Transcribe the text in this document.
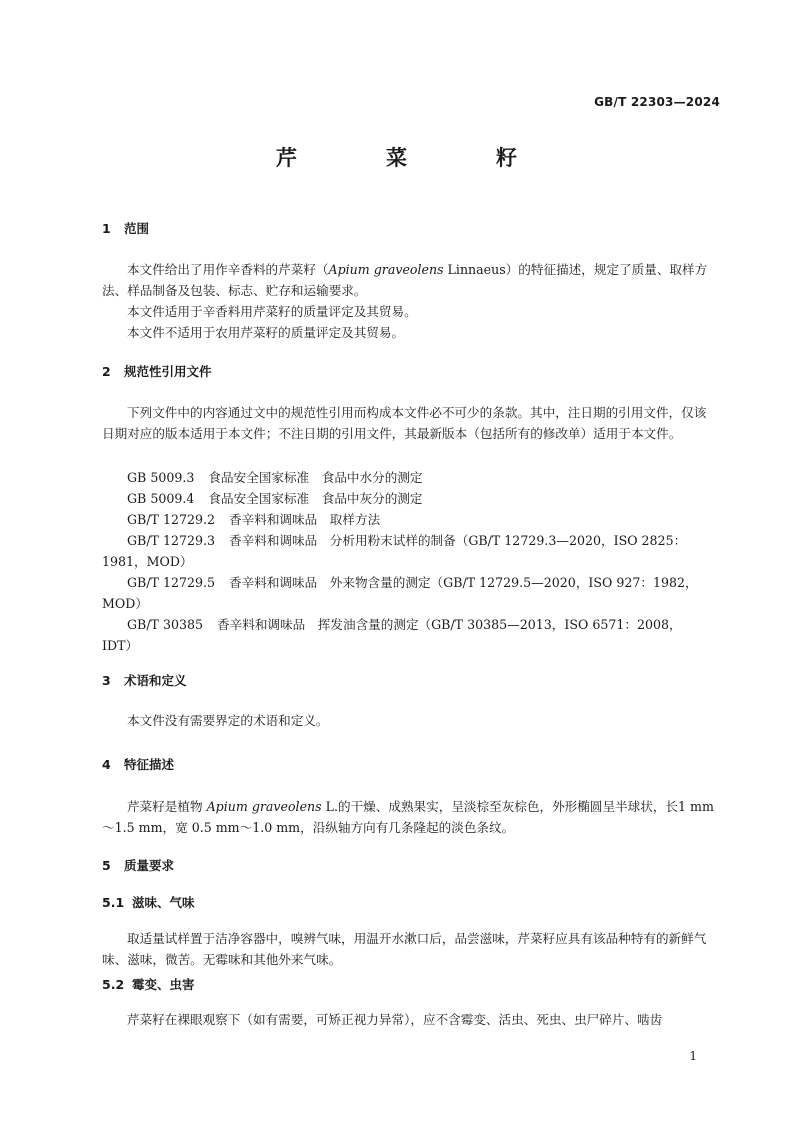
GB/T 22303—2024
芹　菜　籽
1 范围
本文件给出了用作辛香料的芹菜籽（Apium graveolens Linnaeus）的特征描述，规定了质量、取样方法、样品制备及包装、标志、贮存和运输要求。
本文件适用于辛香料用芹菜籽的质量评定及其贸易。
本文件不适用于农用芹菜籽的质量评定及其贸易。
2 规范性引用文件
下列文件中的内容通过文中的规范性引用而构成本文件必不可少的条款。其中，注日期的引用文件，仅该日期对应的版本适用于本文件；不注日期的引用文件，其最新版本（包括所有的修改单）适用于本文件。
GB 5009.3 食品安全国家标准　食品中水分的测定
GB 5009.4 食品安全国家标准　食品中灰分的测定
GB/T 12729.2 香辛料和调味品　取样方法
GB/T 12729.3 香辛料和调味品　分析用粉末试样的制备（GB/T 12729.3—2020，ISO 2825：
1981，MOD）
GB/T 12729.5 香辛料和调味品　外来物含量的测定（GB/T 12729.5—2020，ISO 927：1982，
MOD）
GB/T 30385 香辛料和调味品　挥发油含量的测定（GB/T 30385—2013，ISO 6571：2008，
IDT）
3 术语和定义
本文件没有需要界定的术语和定义。
4 特征描述
芹菜籽是植物 Apium graveolens L.的干燥、成熟果实，呈淡棕至灰棕色，外形椭圆呈半球状，长1 mm～1.5 mm，宽 0.5 mm～1.0 mm，沿纵轴方向有几条隆起的淡色条纹。
5 质量要求
5.1 滋味、气味
取适量试样置于洁净容器中，嗅辨气味，用温开水漱口后，品尝滋味，芹菜籽应具有该品种特有的新鲜气味、滋味，微苦。无霉味和其他外来气味。
5.2 霉变、虫害
芹菜籽在裸眼观察下（如有需要，可矫正视力异常），应不含霉变、活虫、死虫、虫尸碎片、啮齿
1
